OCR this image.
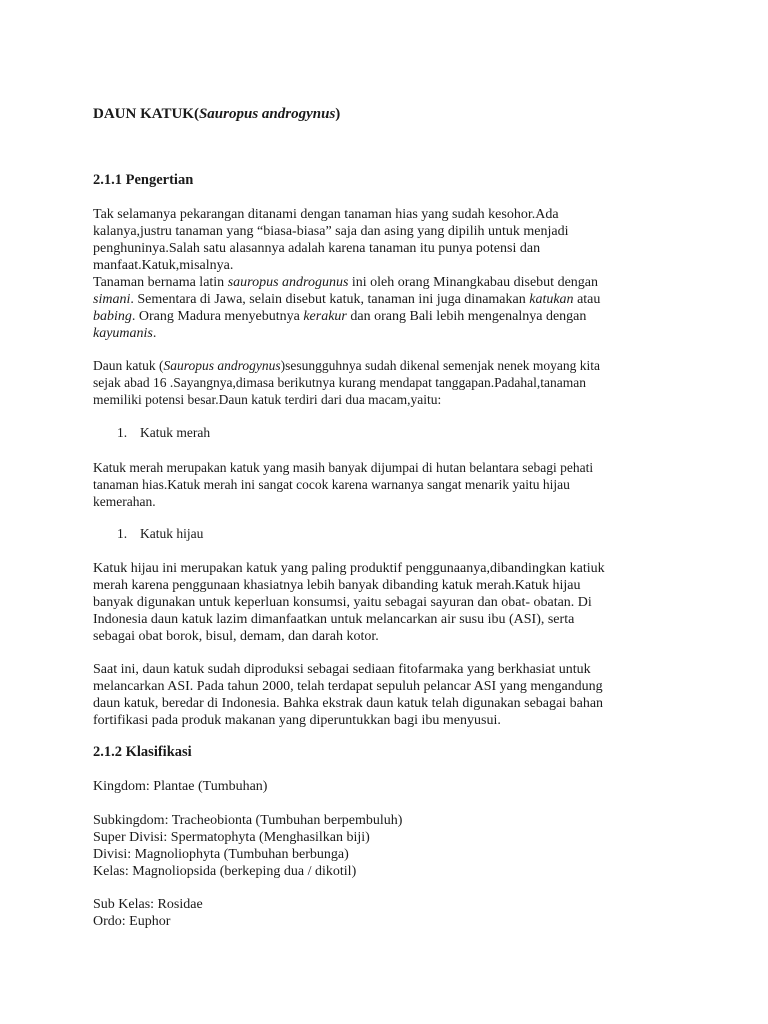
DAUN KATUK(Sauropus androgynus)
2.1.1 Pengertian
Tak selamanya pekarangan ditanami dengan tanaman hias yang sudah kesohor.Ada
kalanya,justru tanaman yang “biasa-biasa” saja dan asing yang dipilih untuk menjadi
penghuninya.Salah satu alasannya adalah karena tanaman itu punya potensi dan
manfaat.Katuk,misalnya.
Tanaman bernama latin sauropus androgunus ini oleh orang Minangkabau disebut dengan
simani. Sementara di Jawa, selain disebut katuk, tanaman ini juga dinamakan katukan atau
babing. Orang Madura menyebutnya kerakur dan orang Bali lebih mengenalnya dengan
kayumanis.
Daun katuk (Sauropus androgynus)sesungguhnya sudah dikenal semenjak nenek moyang kita
sejak abad 16 .Sayangnya,dimasa berikutnya kurang mendapat tanggapan.Padahal,tanaman
memiliki potensi besar.Daun katuk terdiri dari dua macam,yaitu:
1. Katuk merah
Katuk merah merupakan katuk yang masih banyak dijumpai di hutan belantara sebagi pehati
tanaman hias.Katuk merah ini sangat cocok karena warnanya sangat menarik yaitu hijau
kemerahan.
1. Katuk hijau
Katuk hijau ini merupakan katuk yang paling produktif penggunaanya,dibandingkan katiuk
merah karena penggunaan khasiatnya lebih banyak dibanding katuk merah.Katuk hijau
banyak digunakan untuk keperluan konsumsi, yaitu sebagai sayuran dan obat- obatan. Di
Indonesia daun katuk lazim dimanfaatkan untuk melancarkan air susu ibu (ASI), serta
sebagai obat borok, bisul, demam, dan darah kotor.
Saat ini, daun katuk sudah diproduksi sebagai sediaan fitofarmaka yang berkhasiat untuk
melancarkan ASI. Pada tahun 2000, telah terdapat sepuluh pelancar ASI yang mengandung
daun katuk, beredar di Indonesia. Bahka ekstrak daun katuk telah digunakan sebagai bahan
fortifikasi pada produk makanan yang diperuntukkan bagi ibu menyusui.
2.1.2 Klasifikasi
Kingdom: Plantae (Tumbuhan)
Subkingdom: Tracheobionta (Tumbuhan berpembuluh)
Super Divisi: Spermatophyta (Menghasilkan biji)
Divisi: Magnoliophyta (Tumbuhan berbunga)
Kelas: Magnoliopsida (berkeping dua / dikotil)
Sub Kelas: Rosidae
Ordo: Euphor
